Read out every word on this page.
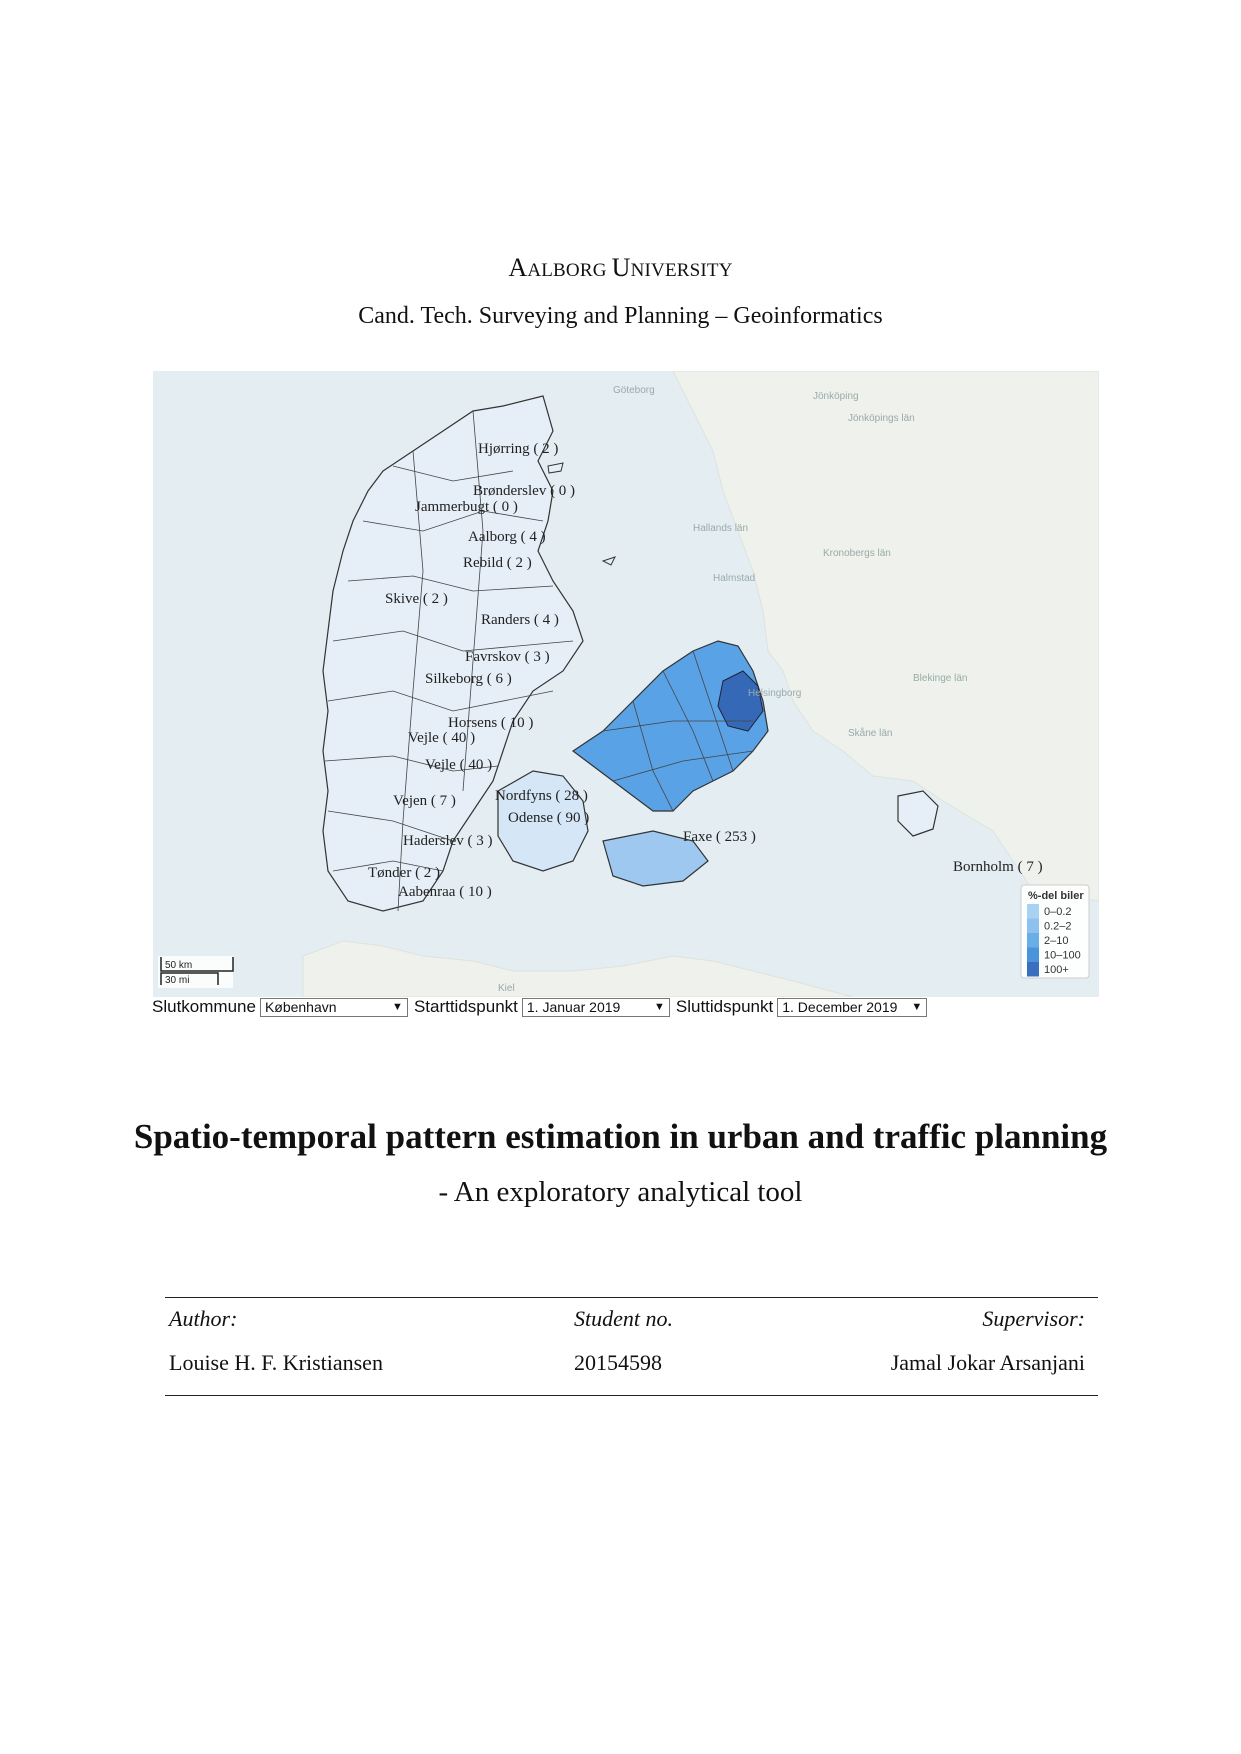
AALBORG UNIVERSITY
Cand. Tech. Surveying and Planning – Geoinformatics
Göteborg
Jönköping
Jönköpings län
Hallands län
Halmstad
Kronobergs län
Blekinge län
Helsingborg
Skåne län
Kiel
Hjørring ( 2 )
Brønderslev ( 0 )
Jammerbugt ( 0 )
Aalborg ( 4 )
Rebild ( 2 )
Skive ( 2 )
Randers ( 4 )
Favrskov ( 3 )
Silkeborg ( 6 )
Horsens ( 10 )
Vejle ( 40 )
Vejle ( 40 )
Nordfyns ( 28 )
Vejen ( 7 )
Odense ( 90 )
Haderslev ( 3 )	Faxe ( 253 )
Tønder ( 2 )
Aabenraa ( 10 )
Bornholm ( 7 )
%-del biler
0–0.2
0.2–2
2–10
10–100
100+
50 km
30 mi
Slutkommune København	▼ Starttidspunkt 1. Januar 2019	▼ Sluttidspunkt 1. December 2019 ▼
Spatio-temporal pattern estimation in urban and traffic planning
- An exploratory analytical tool
Author:	Student no.	Supervisor:
Louise H. F. Kristiansen	20154598	Jamal Jokar Arsanjani
